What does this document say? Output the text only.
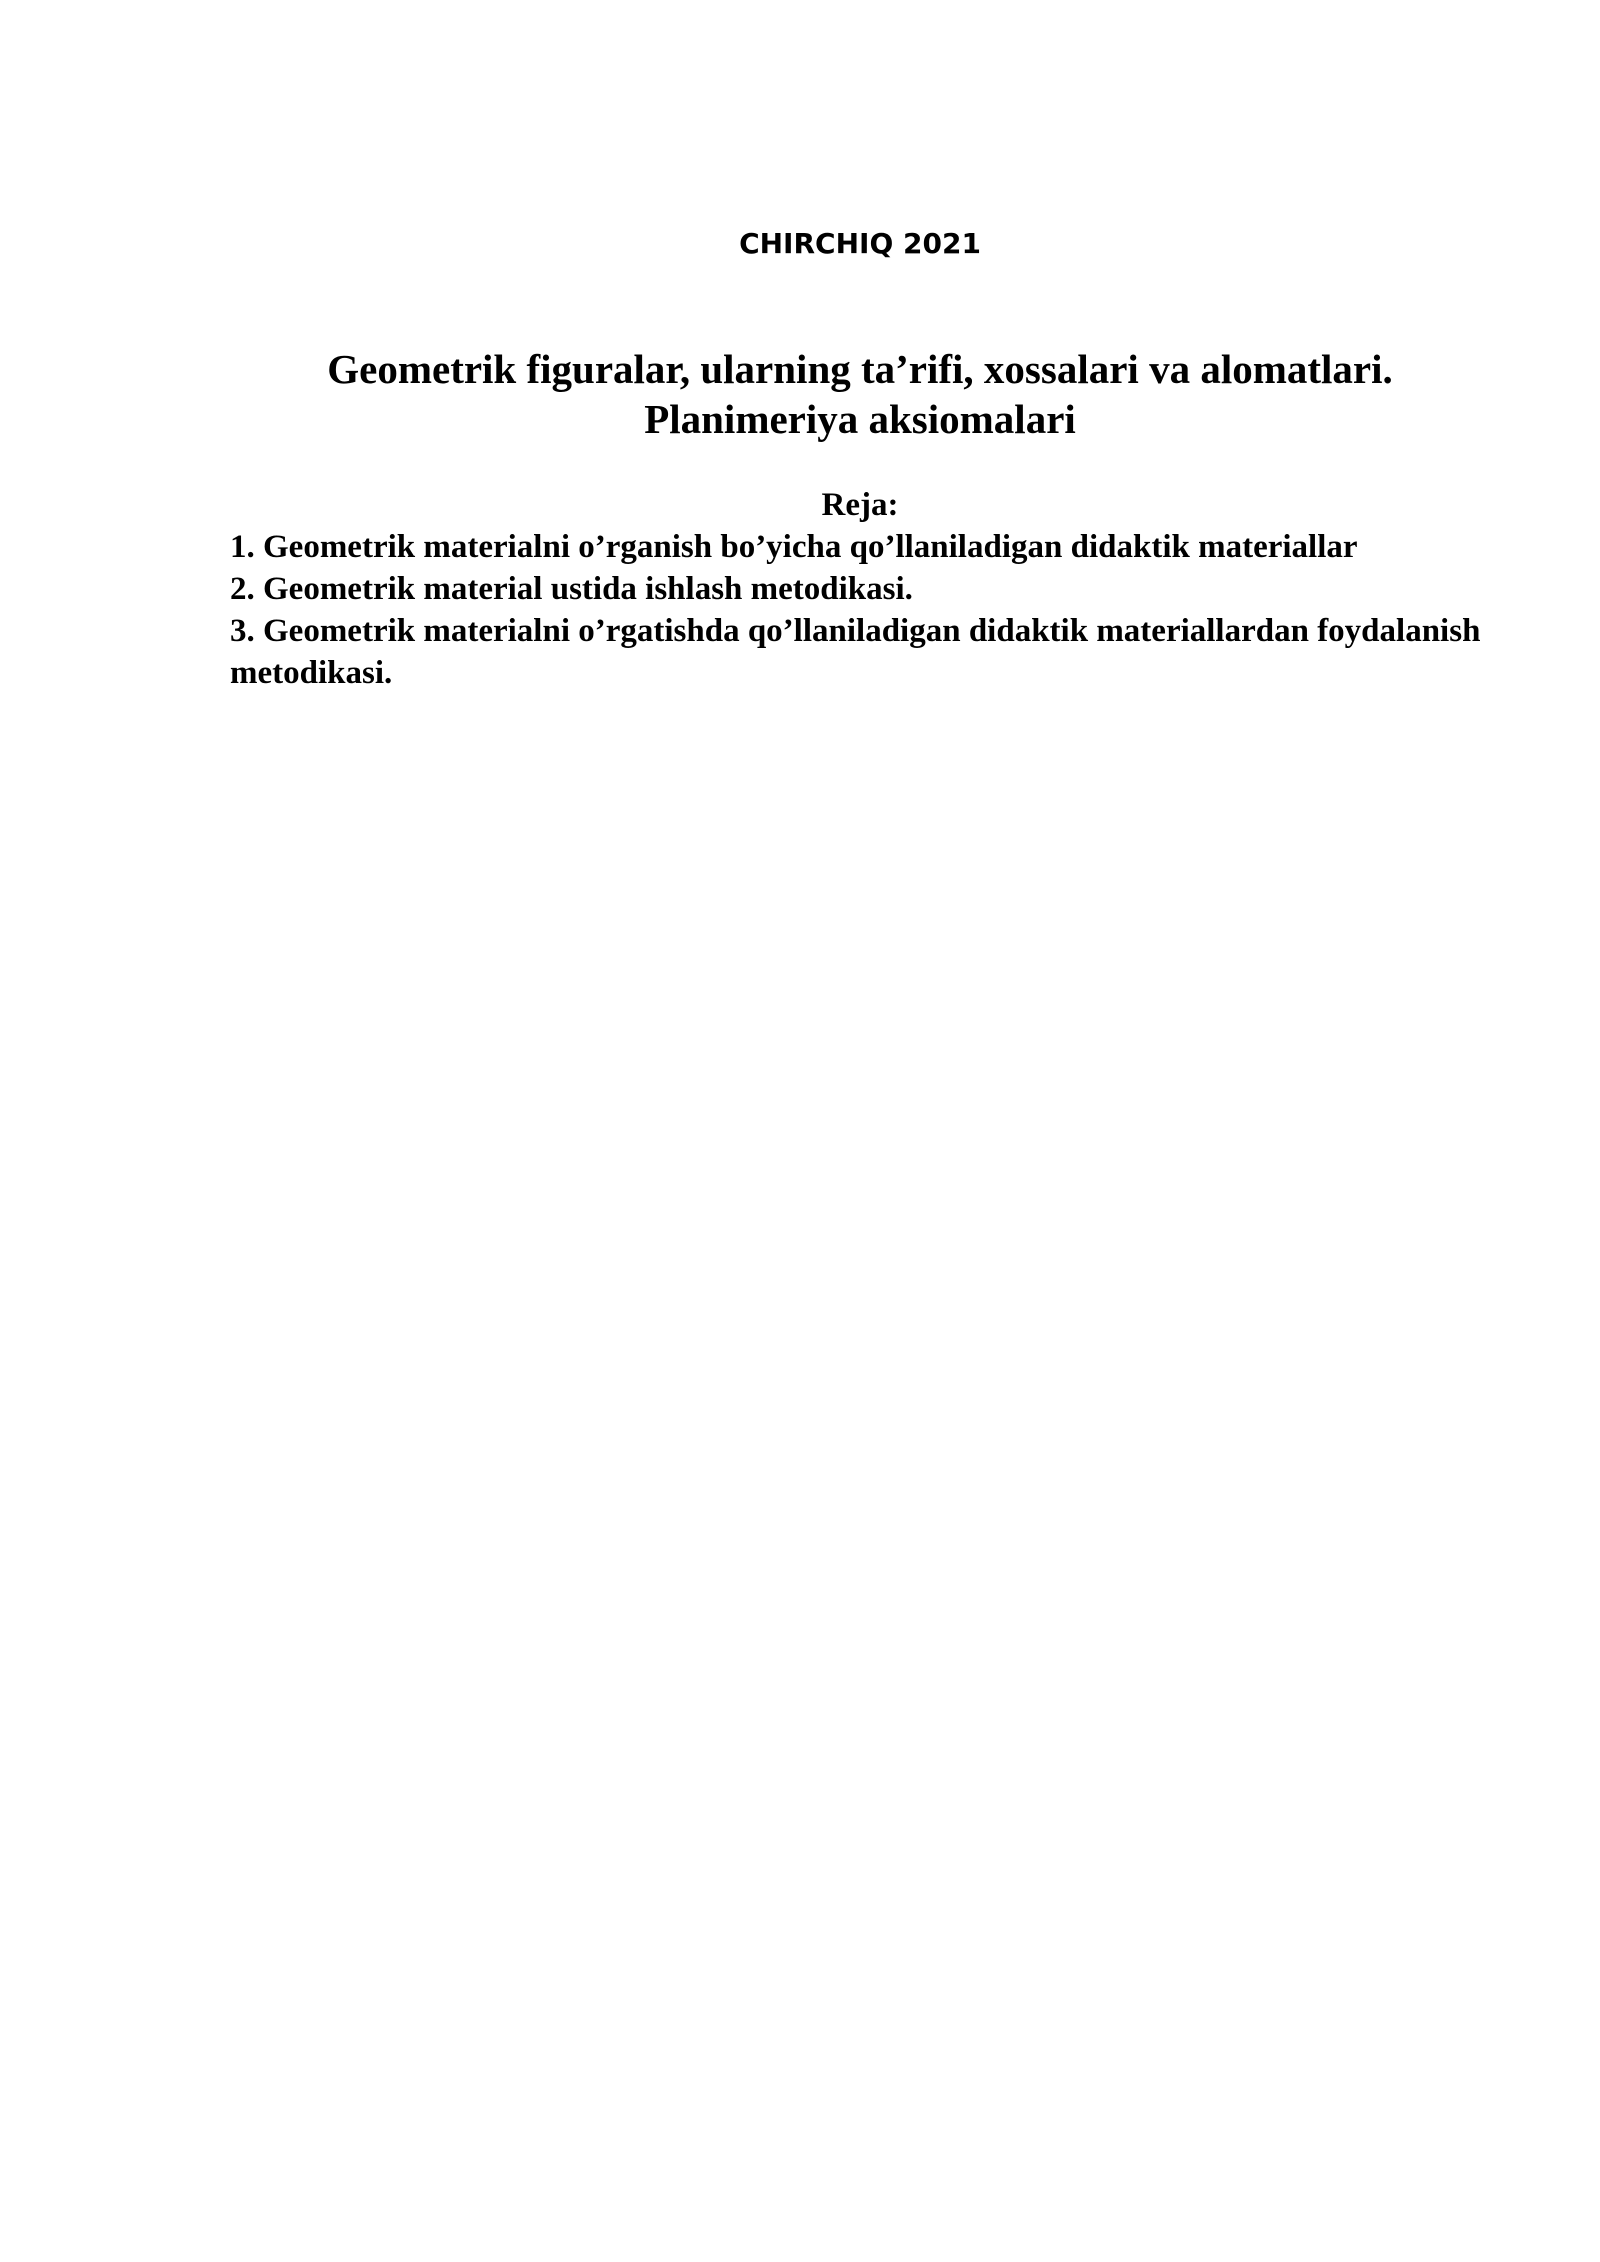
CHIRCHIQ 2021
Geometrik figuralar, ularning ta’rifi, xossalari va alomatlari.
Planimeriya aksiomalari
Reja:
1. Geometrik materialni o’rganish bo’yicha qo’llaniladigan didaktik materiallar
2. Geometrik material ustida ishlash metodikasi.
3. Geometrik materialni o’rgatishda qo’llaniladigan didaktik materiallardan foydalanish metodikasi.
